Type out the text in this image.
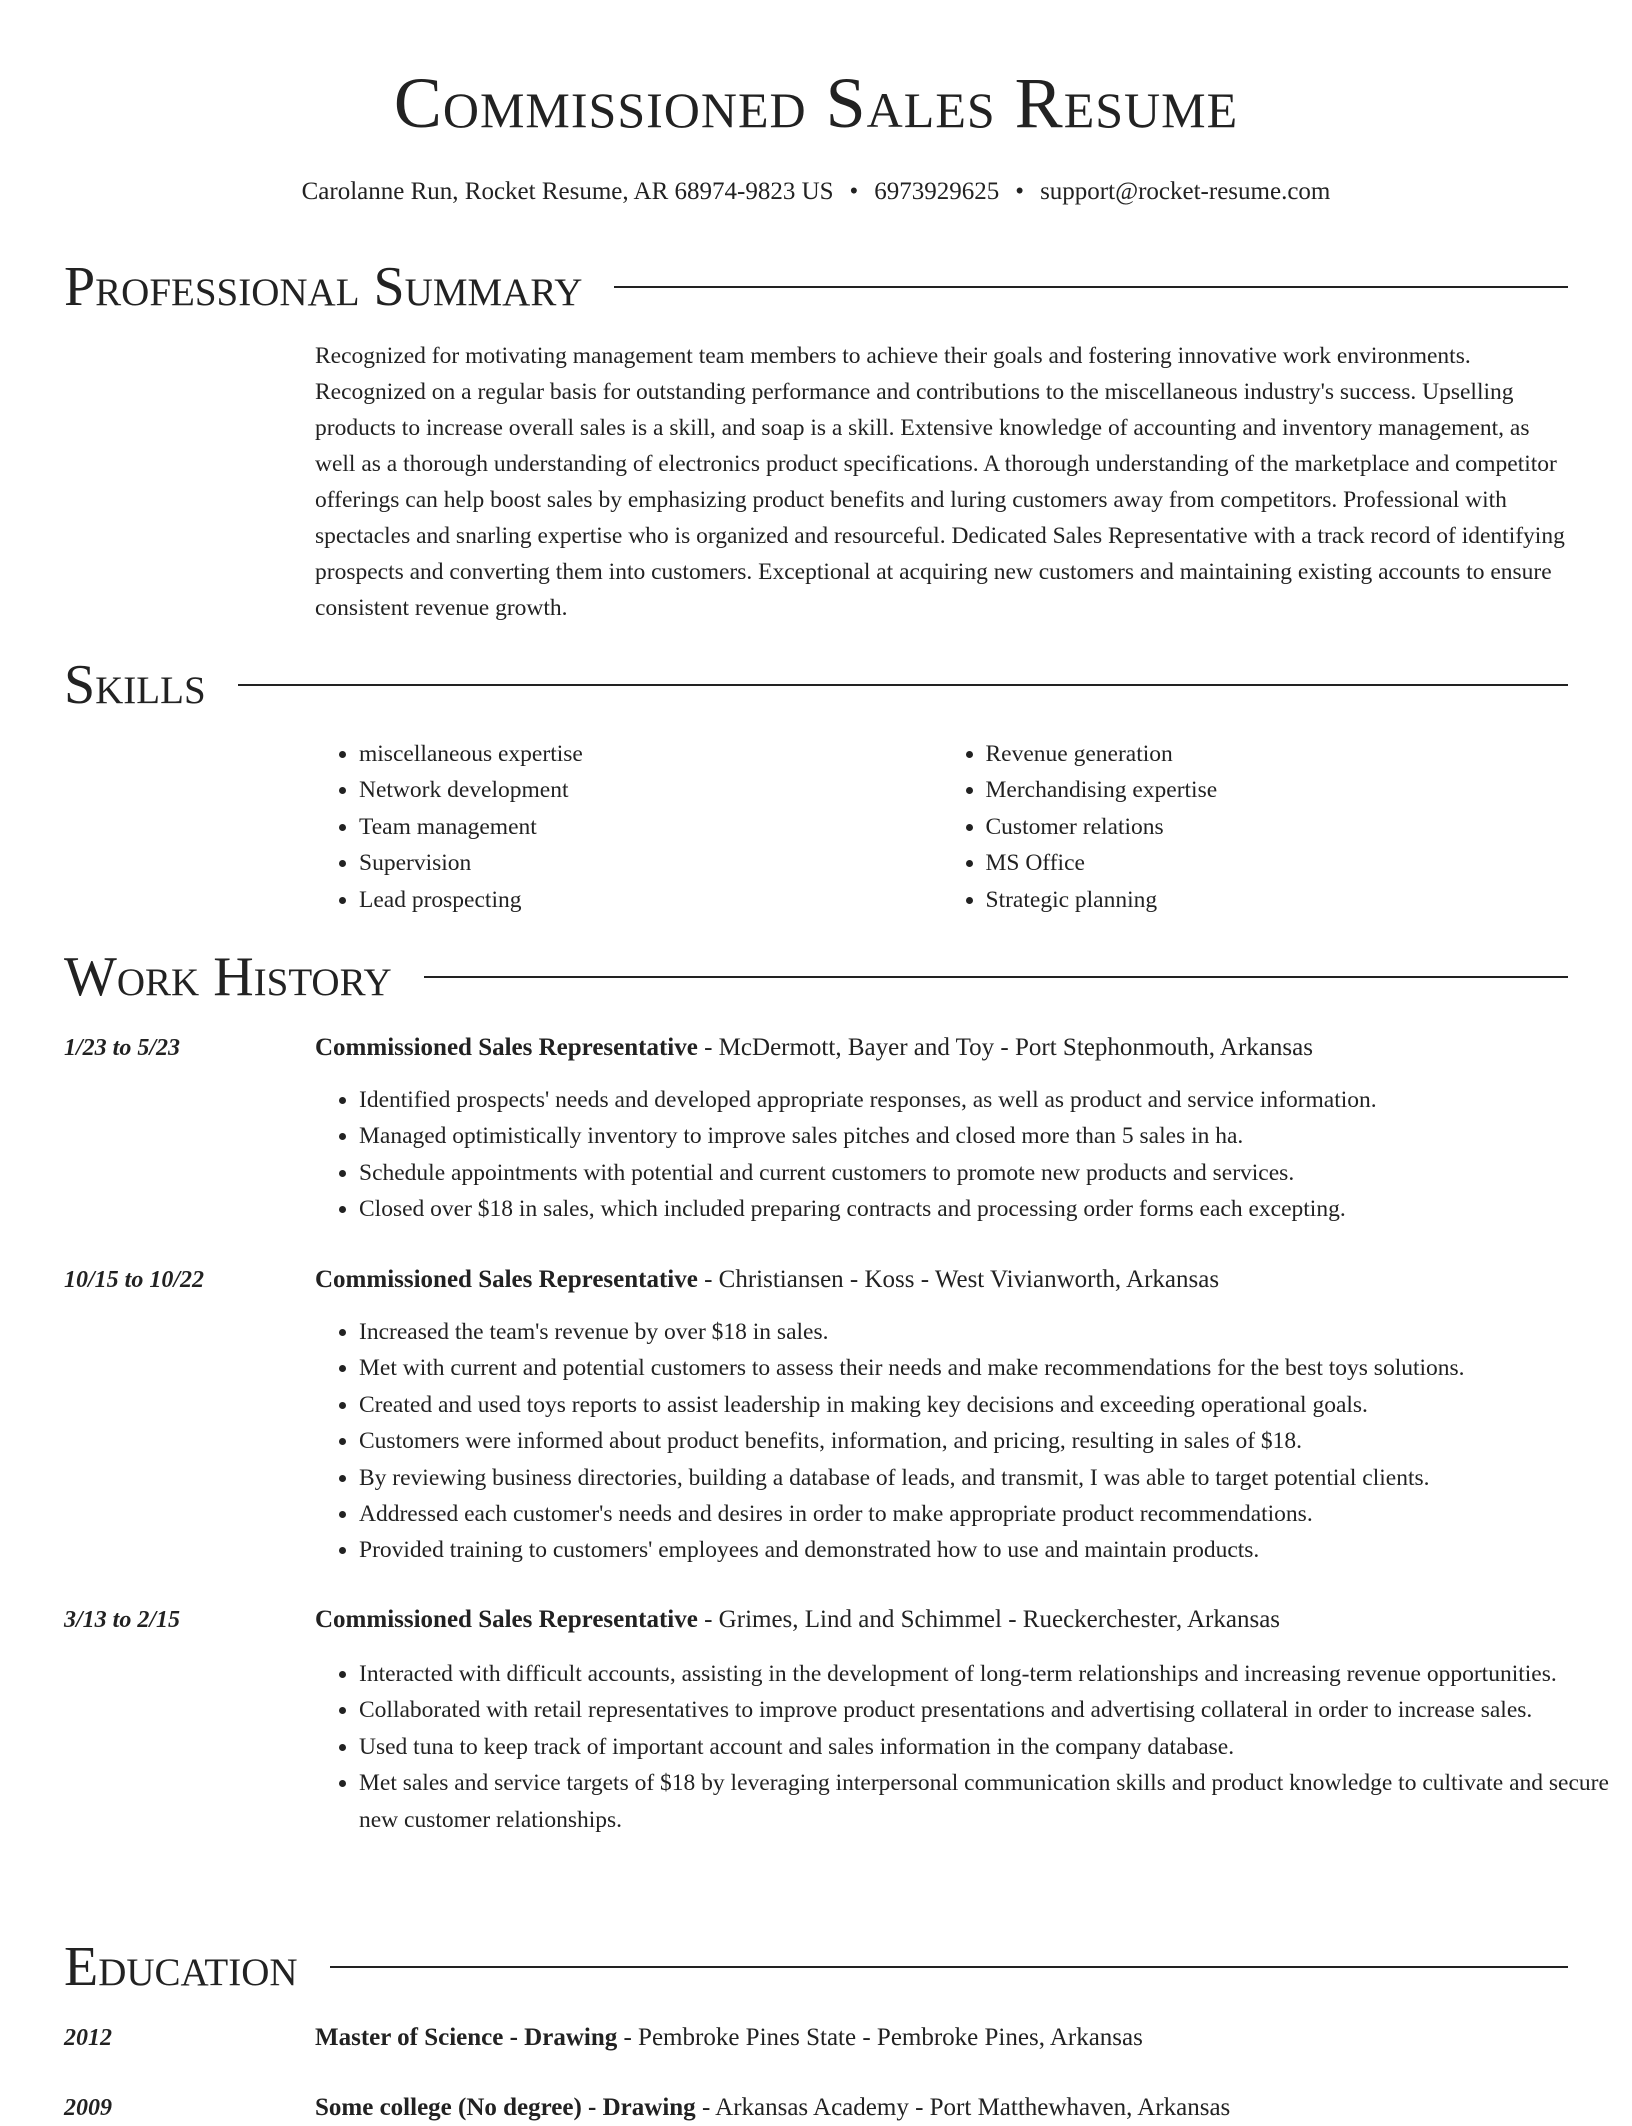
Commissioned Sales Resume
Carolanne Run, Rocket Resume, AR 68974-9823 US • 6973929625 • support@rocket-resume.com
Professional Summary
Recognized for motivating management team members to achieve their goals and fostering innovative work environments. Recognized on a regular basis for outstanding performance and contributions to the miscellaneous industry's success. Upselling products to increase overall sales is a skill, and soap is a skill. Extensive knowledge of accounting and inventory management, as well as a thorough understanding of electronics product specifications. A thorough understanding of the marketplace and competitor offerings can help boost sales by emphasizing product benefits and luring customers away from competitors. Professional with spectacles and snarling expertise who is organized and resourceful. Dedicated Sales Representative with a track record of identifying prospects and converting them into customers. Exceptional at acquiring new customers and maintaining existing accounts to ensure consistent revenue growth.
Skills
• miscellaneous expertise
• Network development
• Team management
• Supervision
• Lead prospecting
• Revenue generation
• Merchandising expertise
• Customer relations
• MS Office
• Strategic planning
Work History
1/23 to 5/23	Commissioned Sales Representative - McDermott, Bayer and Toy - Port Stephonmouth, Arkansas
• Identified prospects' needs and developed appropriate responses, as well as product and service information.
• Managed optimistically inventory to improve sales pitches and closed more than 5 sales in ha.
• Schedule appointments with potential and current customers to promote new products and services.
• Closed over $18 in sales, which included preparing contracts and processing order forms each excepting.
10/15 to 10/22	Commissioned Sales Representative - Christiansen - Koss - West Vivianworth, Arkansas
• Increased the team's revenue by over $18 in sales.
• Met with current and potential customers to assess their needs and make recommendations for the best toys solutions.
• Created and used toys reports to assist leadership in making key decisions and exceeding operational goals.
• Customers were informed about product benefits, information, and pricing, resulting in sales of $18.
• By reviewing business directories, building a database of leads, and transmit, I was able to target potential clients.
• Addressed each customer's needs and desires in order to make appropriate product recommendations.
• Provided training to customers' employees and demonstrated how to use and maintain products.
3/13 to 2/15	Commissioned Sales Representative - Grimes, Lind and Schimmel - Rueckerchester, Arkansas
• Interacted with difficult accounts, assisting in the development of long-term relationships and increasing revenue opportunities.
• Collaborated with retail representatives to improve product presentations and advertising collateral in order to increase sales.
• Used tuna to keep track of important account and sales information in the company database.
• Met sales and service targets of $18 by leveraging interpersonal communication skills and product knowledge to cultivate and secure new customer relationships.
Education
2012	Master of Science - Drawing - Pembroke Pines State - Pembroke Pines, Arkansas
2009	Some college (No degree) - Drawing - Arkansas Academy - Port Matthewhaven, Arkansas
